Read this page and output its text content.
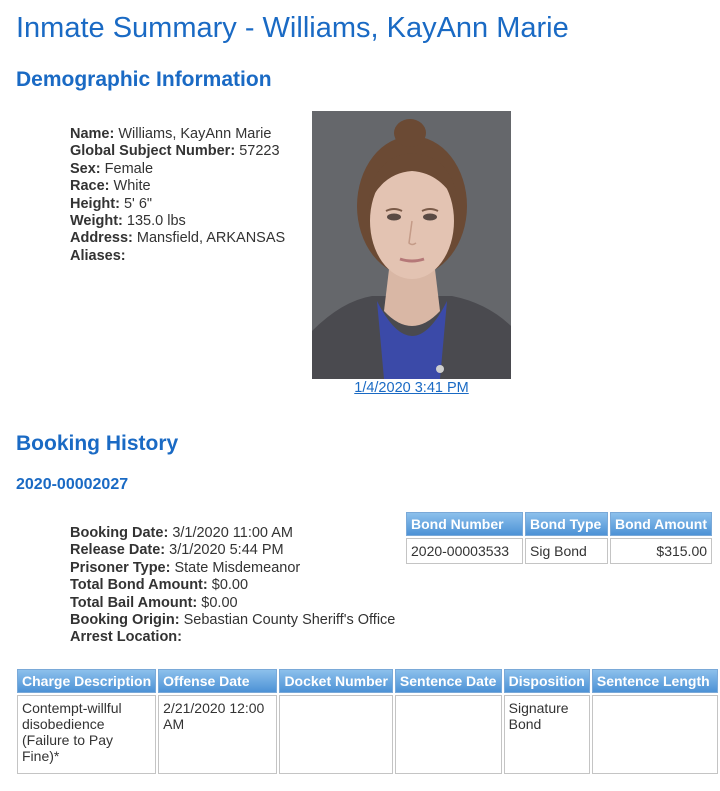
Inmate Summary - Williams, KayAnn Marie
Demographic Information
Name: Williams, KayAnn Marie
Global Subject Number: 57223
Sex: Female
Race: White
Height: 5' 6"
Weight: 135.0 lbs
Address: Mansfield, ARKANSAS
Aliases:
1/4/2020 3:41 PM
Booking History
2020-00002027
Booking Date: 3/1/2020 11:00 AM
Release Date: 3/1/2020 5:44 PM
Prisoner Type: State Misdemeanor
Total Bond Amount: $0.00
Total Bail Amount: $0.00
Booking Origin: Sebastian County Sheriff's Office
Arrest Location:
Bond Number	Bond Type	Bond Amount
2020-00003533	Sig Bond	$315.00
Charge Description	Offense Date	Docket Number	Sentence Date	Disposition	Sentence Length
Contempt-willful disobedience (Failure to Pay Fine)*	2/21/2020 12:00 AM			Signature Bond	
